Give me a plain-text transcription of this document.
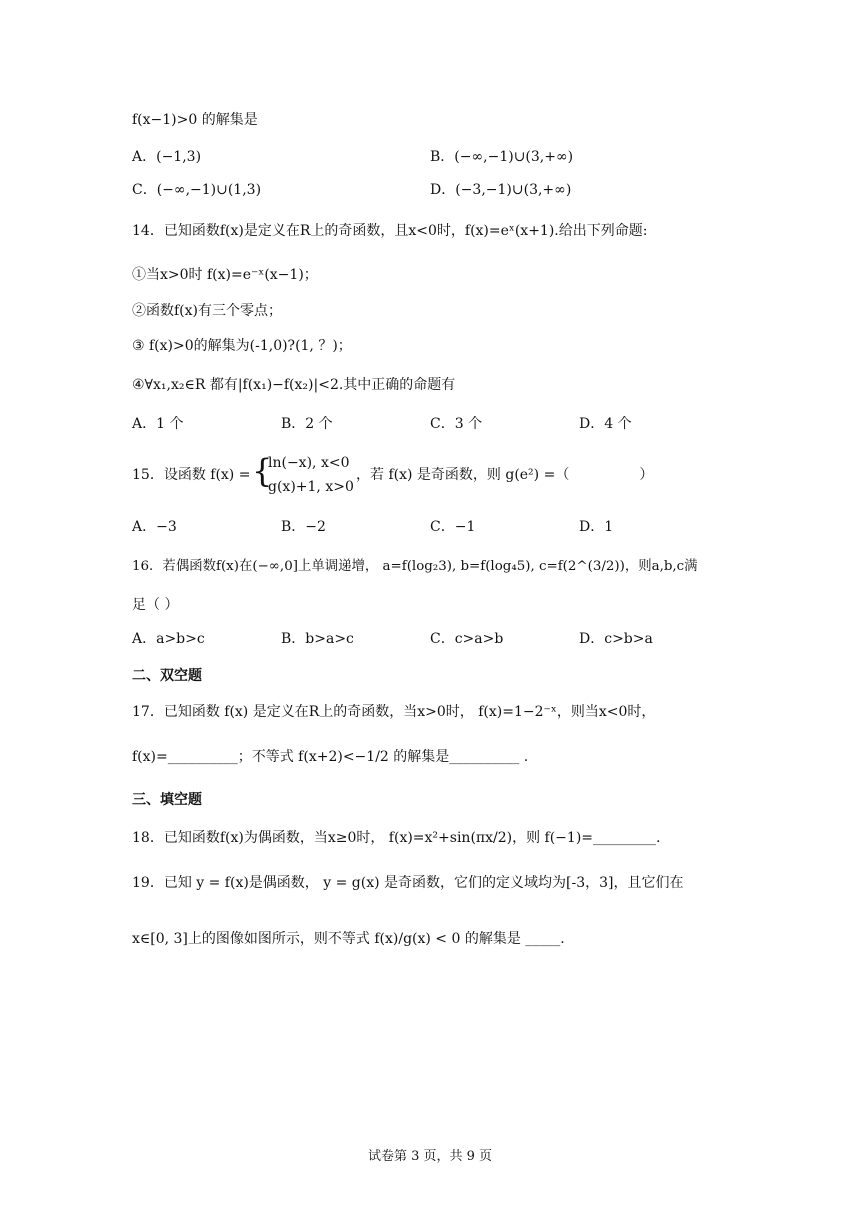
f(x−1)>0 的解集是
A．(−1,3)	B．(−∞,−1)∪(3,+∞)
C．(−∞,−1)∪(1,3)	D．(−3,−1)∪(3,+∞)
14．已知函数f(x)是定义在R上的奇函数，且x<0时，f(x)=eˣ(x+1).给出下列命题:
①当x>0时 f(x)=e⁻ˣ(x−1)；
②函数f(x)有三个零点；
③ f(x)>0的解集为(-1,0)?(1, ？)；
④∀x₁,x₂∈R 都有|f(x₁)−f(x₂)|<2.其中正确的命题有
A．1 个	B．2 个	C．3 个	D．4 个
15．设函数 f(x) = {
ln(−x), x<0
g(x)+1, x>0
，若 f(x) 是奇函数，则 g(e²) =（　　　　　）
A．−3	B．−2	C．−1	D．1
16．若偶函数f(x)在(−∞,0]上单调递增， a=f(log₂3), b=f(log₄5), c=f(2^(3/2))，则a,b,c满
足（ ）
A．a>b>c	B．b>a>c	C．c>a>b	D．c>b>a
二、双空题
17．已知函数 f(x) 是定义在R上的奇函数，当x>0时， f(x)=1−2⁻ˣ，则当x<0时，
f(x)=__________；不等式 f(x+2)<−1/2 的解集是__________ .
三、填空题
18．已知函数f(x)为偶函数，当x≥0时， f(x)=x²+sin(πx/2)，则 f(−1)=_________.
19．已知 y = f(x)是偶函数， y = g(x) 是奇函数，它们的定义域均为[-3，3]，且它们在
x∈[0, 3]上的图像如图所示，则不等式 f(x)/g(x) < 0 的解集是 _____.
试卷第 3 页，共 9 页
